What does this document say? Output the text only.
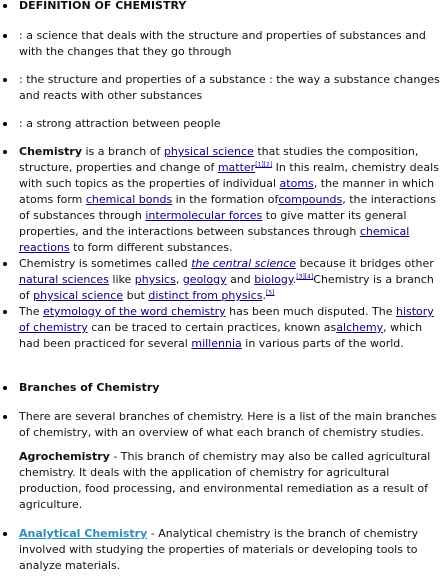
DEFINITION OF CHEMISTRY
: a science that deals with the structure and properties of substances and with the changes that they go through
: the structure and properties of a substance : the way a substance changes and reacts with other substances
: a strong attraction between people
Chemistry is a branch of physical science that studies the composition, structure, properties and change of matter[1][2] In this realm, chemistry deals with such topics as the properties of individual atoms, the manner in which atoms form chemical bonds in the formation ofcompounds, the interactions of substances through intermolecular forces to give matter its general properties, and the interactions between substances through chemical reactions to form different substances.
Chemistry is sometimes called the central science because it bridges other natural sciences like physics, geology and biology.[3][4]Chemistry is a branch of physical science but distinct from physics.[5]
The etymology of the word chemistry has been much disputed. The history of chemistry can be traced to certain practices, known asalchemy, which had been practiced for several millennia in various parts of the world.
Branches of Chemistry
There are several branches of chemistry. Here is a list of the main branches of chemistry, with an overview of what each branch of chemistry studies.
Agrochemistry - This branch of chemistry may also be called agricultural chemistry. It deals with the application of chemistry for agricultural production, food processing, and environmental remediation as a result of agriculture.
Analytical Chemistry - Analytical chemistry is the branch of chemistry involved with studying the properties of materials or developing tools to analyze materials.
